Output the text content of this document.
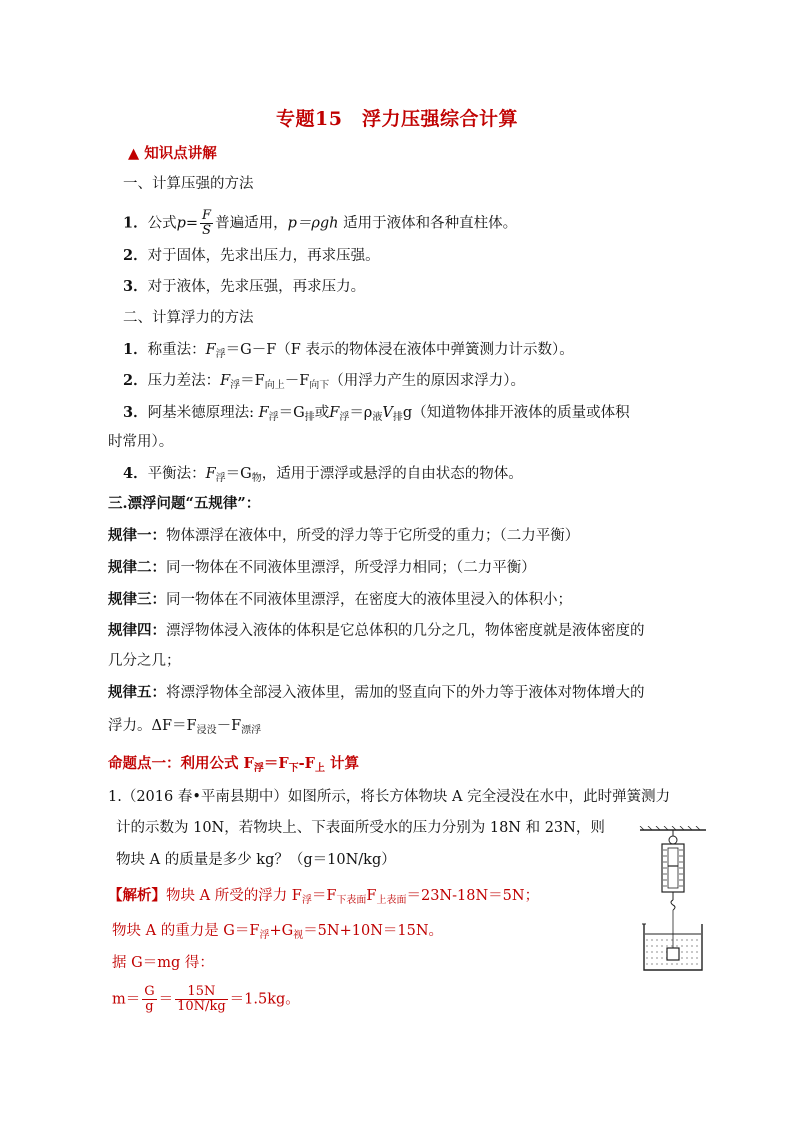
专题15　浮力压强综合计算
▲ 知识点讲解
一、计算压强的方法
1．公式$p= \frac{F}{S}$ 普遍适用，p＝ρgh 适用于液体和各种直柱体。
2．对于固体，先求出压力，再求压强。
3．对于液体，先求压强，再求压力。
二、计算浮力的方法
1．称重法：$F_浮=G-F(F$ 表示的物体浸在液体中弹簧测力计示数）。
2．压力差法：$F_浮=F_{向上}-F_{向下}$（用浮力产生的原因求浮力）。
3．阿基米德原理法: $F_浮=G_排$或$F_浮=\rho_液V_排g$（知道物体排开液体的质量或体积
时常用）。
4．平衡法：$F_浮=G_物$，适用于漂浮或悬浮的自由状态的物体。
三.漂浮问题“五规律”：
规律一：物体漂浮在液体中，所受的浮力等于它所受的重力；（二力平衡）
规律二：同一物体在不同液体里漂浮，所受浮力相同；（二力平衡）
规律三：同一物体在不同液体里漂浮，在密度大的液体里浸入的体积小；
规律四：漂浮物体浸入液体的体积是它总体积的几分之几，物体密度就是液体密度的
几分之几；
规律五：将漂浮物体全部浸入液体里，需加的竖直向下的外力等于液体对物体增大的
浮力。$\Delta F=F_{浸没}-F_{漂浮}$
命题点一：利用公式 $F_浮=F_下-F_上$ 计算
1.（2016 春•平南县期中）如图所示，将长方体物块 A 完全浸没在水中，此时弹簧测力
计的示数为 10N，若物块上、下表面所受水的压力分别为 18N 和 23N，则
物块 A 的质量是多少 kg？（g＝10N/kg）
【解析】物块 A 所受的浮力 $F_浮=F_{下表面}F_{上表面}=23N-18N=5N$；
物块 A 的重力是 $G=F_浮+G_视=5N+10N=15N$。
据 G＝mg 得：
$m= \frac{G}{g} = \frac{15N}{10N/kg} =1.5kg$。
